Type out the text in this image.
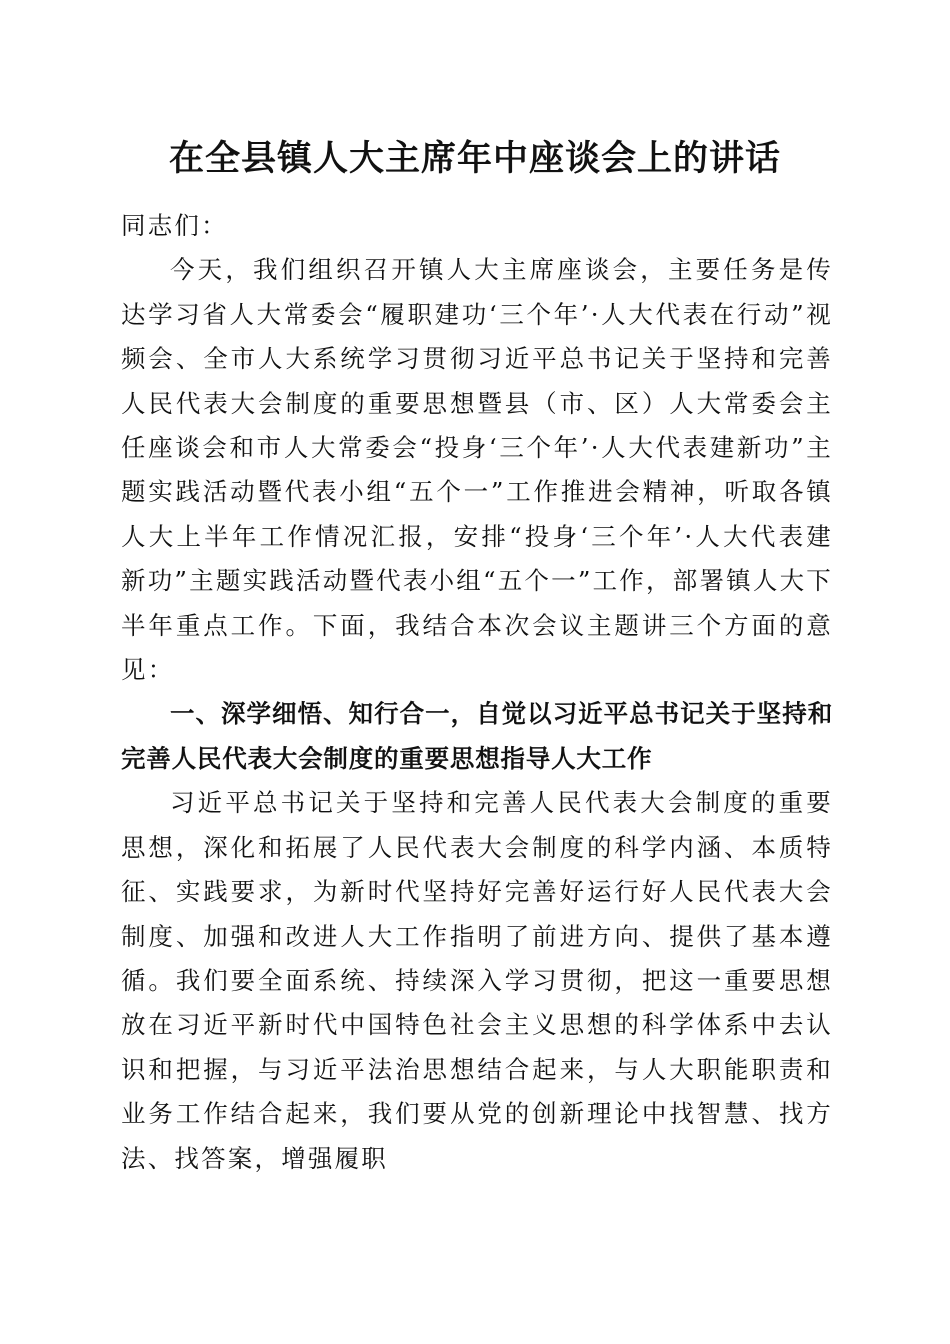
在全县镇人大主席年中座谈会上的讲话

同志们：

今天，我们组织召开镇人大主席座谈会，主要任务是传达学习省人大常委会“履职建功‘三个年’·人大代表在行动”视频会、全市人大系统学习贯彻习近平总书记关于坚持和完善人民代表大会制度的重要思想暨县（市、区）人大常委会主任座谈会和市人大常委会“投身‘三个年’·人大代表建新功”主题实践活动暨代表小组“五个一”工作推进会精神，听取各镇人大上半年工作情况汇报，安排“投身‘三个年’·人大代表建新功”主题实践活动暨代表小组“五个一”工作，部署镇人大下半年重点工作。下面，我结合本次会议主题讲三个方面的意见：

一、深学细悟、知行合一，自觉以习近平总书记关于坚持和完善人民代表大会制度的重要思想指导人大工作

习近平总书记关于坚持和完善人民代表大会制度的重要思想，深化和拓展了人民代表大会制度的科学内涵、本质特征、实践要求，为新时代坚持好完善好运行好人民代表大会制度、加强和改进人大工作指明了前进方向、提供了基本遵循。我们要全面系统、持续深入学习贯彻，把这一重要思想放在习近平新时代中国特色社会主义思想的科学体系中去认识和把握，与习近平法治思想结合起来，与人大职能职责和业务工作结合起来，我们要从党的创新理论中找智慧、找方法、找答案，增强履职
